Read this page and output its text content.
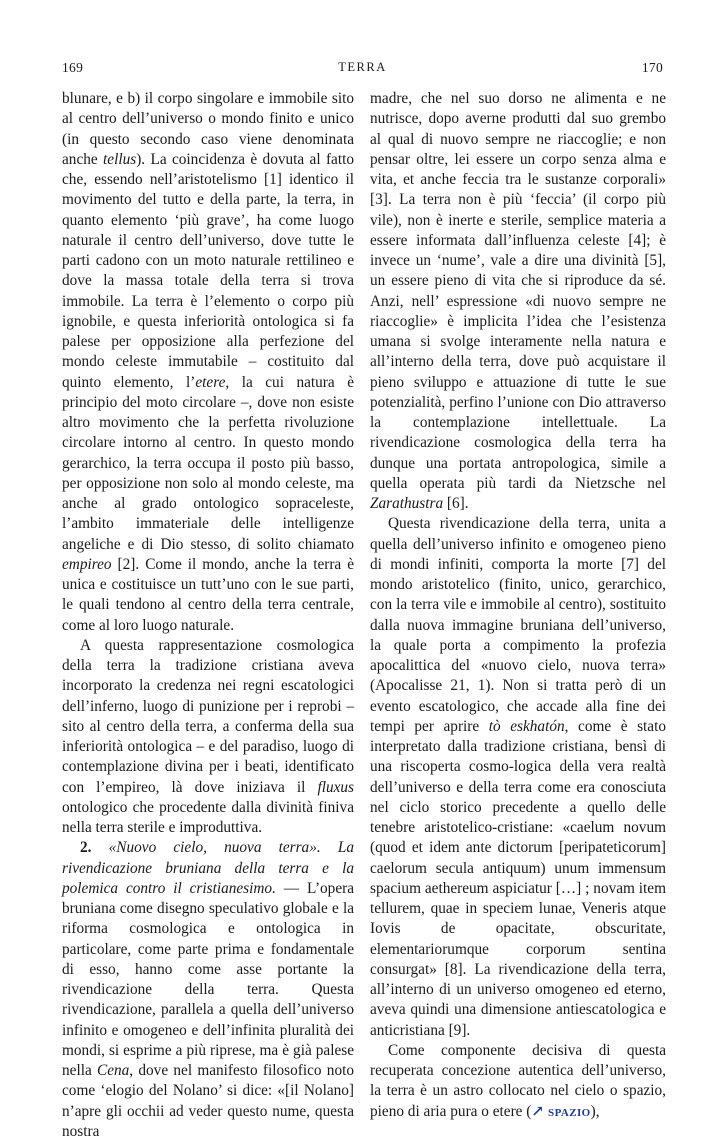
169	TERRA	170

blunare, e b) il corpo singolare e immobile sito al centro dell’universo o mondo finito e unico (in questo secondo caso viene denominata anche tellus). La coincidenza è dovuta al fatto che, essendo nell’aristotelismo [1] identico il movimento del tutto e della parte, la terra, in quanto elemento ‘più grave’, ha come luogo naturale il centro dell’universo, dove tutte le parti cadono con un moto naturale rettilineo e dove la massa totale della terra si trova immobile. La terra è l’elemento o corpo più ignobile, e questa inferiorità ontologica si fa palese per opposizione alla perfezione del mondo celeste immutabile – costituito dal quinto elemento, l’etere, la cui natura è principio del moto circolare –, dove non esiste altro movimento che la perfetta rivoluzione circolare intorno al centro. In questo mondo gerarchico, la terra occupa il posto più basso, per opposizione non solo al mondo celeste, ma anche al grado ontologico sopraceleste, l’ambito immateriale delle intelligenze angeliche e di Dio stesso, di solito chiamato empireo [2]. Come il mondo, anche la terra è unica e costituisce un tutt’uno con le sue parti, le quali tendono al centro della terra centrale, come al loro luogo naturale.

A questa rappresentazione cosmologica della terra la tradizione cristiana aveva incorporato la credenza nei regni escatologici dell’inferno, luogo di punizione per i reprobi – sito al centro della terra, a conferma della sua inferiorità ontologica – e del paradiso, luogo di contemplazione divina per i beati, identificato con l’empireo, là dove iniziava il fluxus ontologico che procedente dalla divinità finiva nella terra sterile e improduttiva.

2. «Nuovo cielo, nuova terra». La rivendicazione bruniana della terra e la polemica contro il cristianesimo. — L’opera bruniana come disegno speculativo globale e la riforma cosmologica e ontologica in particolare, come parte prima e fondamentale di esso, hanno come asse portante la rivendicazione della terra. Questa rivendicazione, parallela a quella dell’universo infinito e omogeneo e dell’infinita pluralità dei mondi, si esprime a più riprese, ma è già palese nella Cena, dove nel manifesto filosofico noto come ‘elogio del Nolano’ si dice: «[il Nolano] n’apre gli occhii ad veder questo nume, questa nostra

madre, che nel suo dorso ne alimenta e ne nutrisce, dopo averne produtti dal suo grembo al qual di nuovo sempre ne riaccoglie; e non pensar oltre, lei essere un corpo senza alma e vita, et anche feccia tra le sustanze corporali» [3]. La terra non è più ‘feccia’ (il corpo più vile), non è inerte e sterile, semplice materia a essere informata dall’influenza celeste [4]; è invece un ‘nume’, vale a dire una divinità [5], un essere pieno di vita che si riproduce da sé. Anzi, nell’ espressione «di nuovo sempre ne riaccoglie» è implicita l’idea che l’esistenza umana si svolge interamente nella natura e all’interno della terra, dove può acquistare il pieno sviluppo e attuazione di tutte le sue potenzialità, perfino l’unione con Dio attraverso la contemplazione intellettuale. La rivendicazione cosmologica della terra ha dunque una portata antropologica, simile a quella operata più tardi da Nietzsche nel Zarathustra [6].

Questa rivendicazione della terra, unita a quella dell’universo infinito e omogeneo pieno di mondi infiniti, comporta la morte [7] del mondo aristotelico (finito, unico, gerarchico, con la terra vile e immobile al centro), sostituito dalla nuova immagine bruniana dell’universo, la quale porta a compimento la profezia apocalittica del «nuovo cielo, nuova terra» (Apocalisse 21, 1). Non si tratta però di un evento escatologico, che accade alla fine dei tempi per aprire tò eskhatón, come è stato interpretato dalla tradizione cristiana, bensì di una riscoperta cosmo-logica della vera realtà dell’universo e della terra come era conosciuta nel ciclo storico precedente a quello delle tenebre aristotelico-cristiane: «caelum novum (quod et idem ante dictorum [peripateticorum] caelorum secula antiquum) unum immensum spacium aethereum aspiciatur […] ; novam item tellurem, quae in speciem lunae, Veneris atque Iovis de opacitate, obscuritate, elementariorumque corporum sentina consurgat» [8]. La rivendicazione della terra, all’interno di un universo omogeneo ed eterno, aveva quindi una dimensione antiescatologica e anticristiana [9].

Come componente decisiva di questa recuperata concezione autentica dell’universo, la terra è un astro collocato nel cielo o spazio, pieno di aria pura o etere (↗ spazio),
